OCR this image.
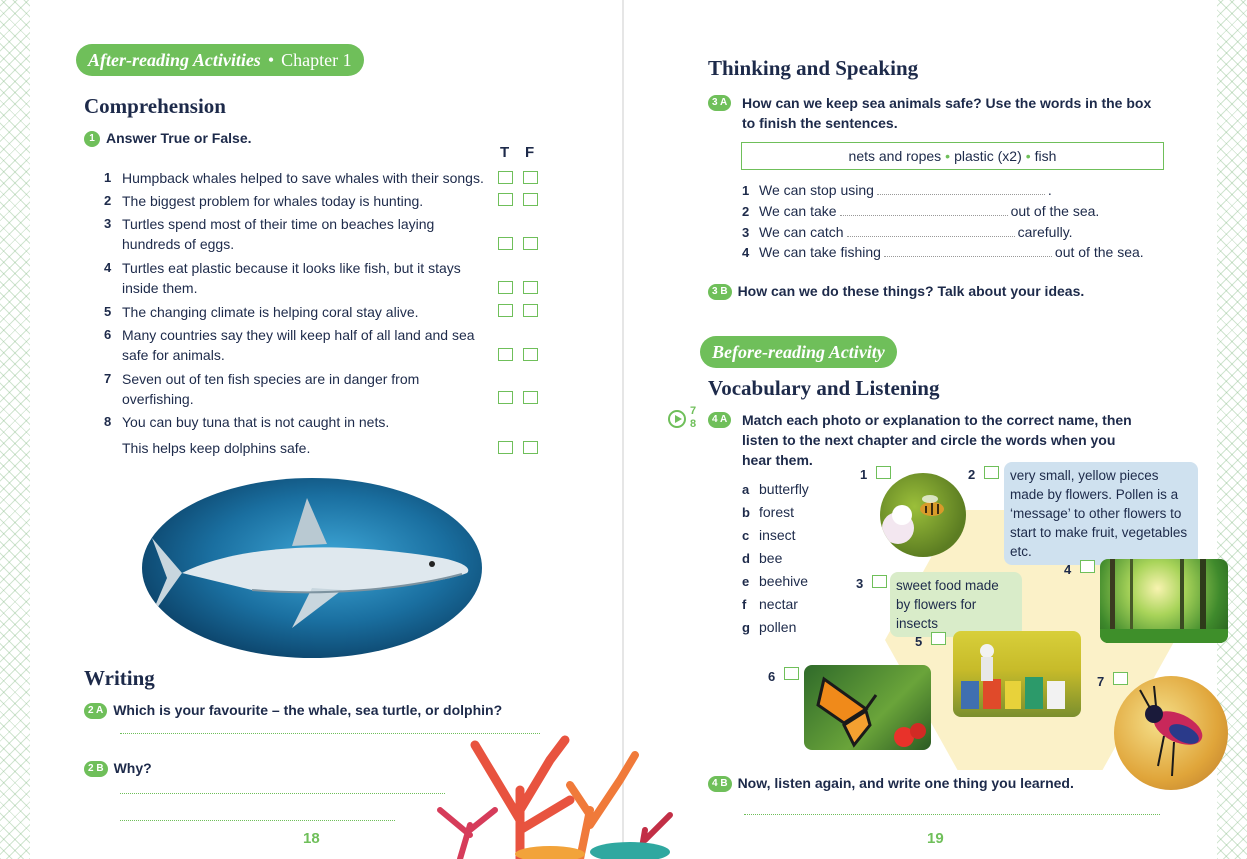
After-reading Activities • Chapter 1
Comprehension
1 Answer True or False.
T F
1 Humpback whales helped to save whales with their songs.
2 The biggest problem for whales today is hunting.
3 Turtles spend most of their time on beaches laying hundreds of eggs.
4 Turtles eat plastic because it looks like fish, but it stays inside them.
5 The changing climate is helping coral stay alive.
6 Many countries say they will keep half of all land and sea safe for animals.
7 Seven out of ten fish species are in danger from overfishing.
8 You can buy tuna that is not caught in nets.
This helps keep dolphins safe.
Writing
2 A Which is your favourite – the whale, sea turtle, or dolphin?
2 B Why?
18
Thinking and Speaking
3 A How can we keep sea animals safe? Use the words in the box to finish the sentences.
nets and ropes • plastic (x2) • fish
1 We can stop using	.
2 We can take	out of the sea.
3 We can catch	carefully.
4 We can take fishing	out of the sea.
3 B How can we do these things? Talk about your ideas.
Before-reading Activity
Vocabulary and Listening
7
8	4 A Match each photo or explanation to the correct name, then listen to the next chapter and circle the words when you hear them.
a butterfly
b forest
c insect
d bee
e beehive
f nectar
g pollen
1	2	very small, yellow pieces made by flowers. Pollen is a ‘message’ to other flowers to start to make fruit, vegetables etc.
3	sweet food made by flowers for insects
4
5
6	7
4 B Now, listen again, and write one thing you learned.
19
